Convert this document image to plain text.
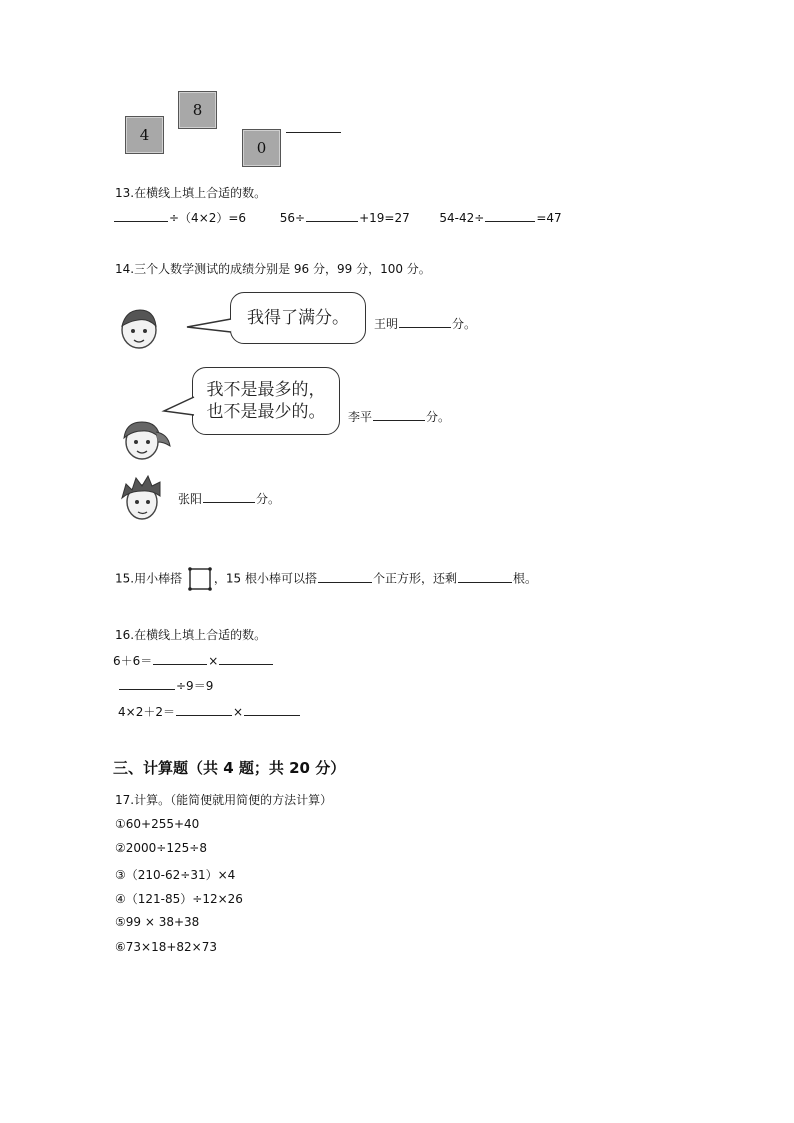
4
8
0
13.在横线上填上合适的数。
÷（4×2）=6	56÷	+19=27 54-42÷	=47
14.三个人数学测试的成绩分别是 96 分，99 分，100 分。
我得了满分。 王明	分。
我不是最多的，
也不是最少的。 李平	分。
张阳	分。
15.用小棒搭	，15 根小棒可以搭	个正方形，还剩	根。
16.在横线上填上合适的数。
6＋6＝	×
÷9＝9
4×2＋2＝	×
三、计算题（共 4 题；共 20 分）
17.计算。（能简便就用简便的方法计算）
①60+255+40
②2000÷125÷8
③（210-62÷31）×4
④（121-85）÷12×26
⑤99 × 38+38
⑥73×18+82×73
